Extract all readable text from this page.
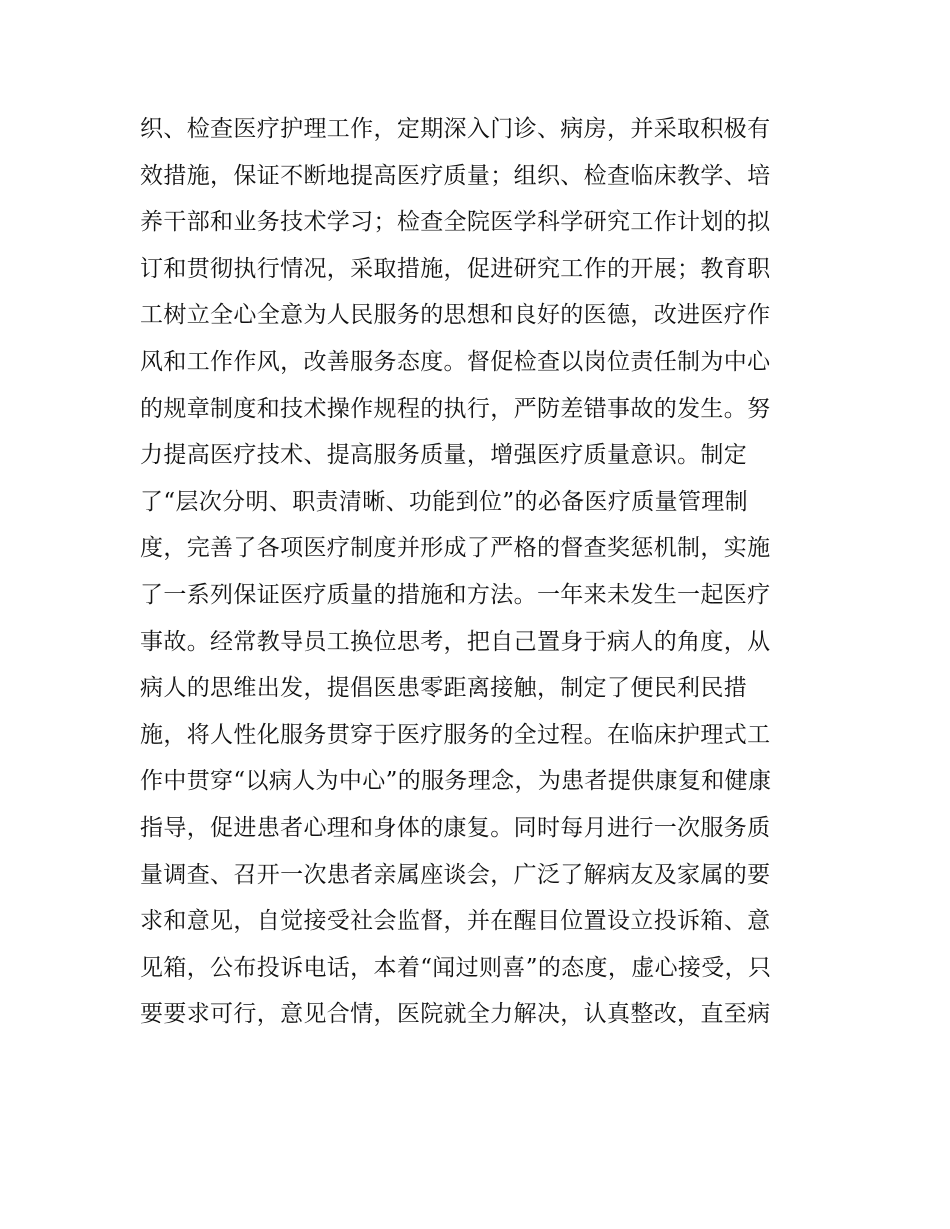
织、检查医疗护理工作，定期深入门诊、病房，并采取积极有
效措施，保证不断地提高医疗质量；组织、检查临床教学、培
养干部和业务技术学习；检查全院医学科学研究工作计划的拟
订和贯彻执行情况，采取措施，促进研究工作的开展；教育职
工树立全心全意为人民服务的思想和良好的医德，改进医疗作
风和工作作风，改善服务态度。督促检查以岗位责任制为中心
的规章制度和技术操作规程的执行，严防差错事故的发生。努
力提高医疗技术、提高服务质量，增强医疗质量意识。制定
了“层次分明、职责清晰、功能到位”的必备医疗质量管理制
度，完善了各项医疗制度并形成了严格的督查奖惩机制，实施
了一系列保证医疗质量的措施和方法。一年来未发生一起医疗
事故。经常教导员工换位思考，把自己置身于病人的角度，从
病人的思维出发，提倡医患零距离接触，制定了便民利民措
施，将人性化服务贯穿于医疗服务的全过程。在临床护理式工
作中贯穿“以病人为中心”的服务理念，为患者提供康复和健康
指导，促进患者心理和身体的康复。同时每月进行一次服务质
量调查、召开一次患者亲属座谈会，广泛了解病友及家属的要
求和意见，自觉接受社会监督，并在醒目位置设立投诉箱、意
见箱，公布投诉电话，本着“闻过则喜”的态度，虚心接受，只
要要求可行，意见合情，医院就全力解决，认真整改，直至病
